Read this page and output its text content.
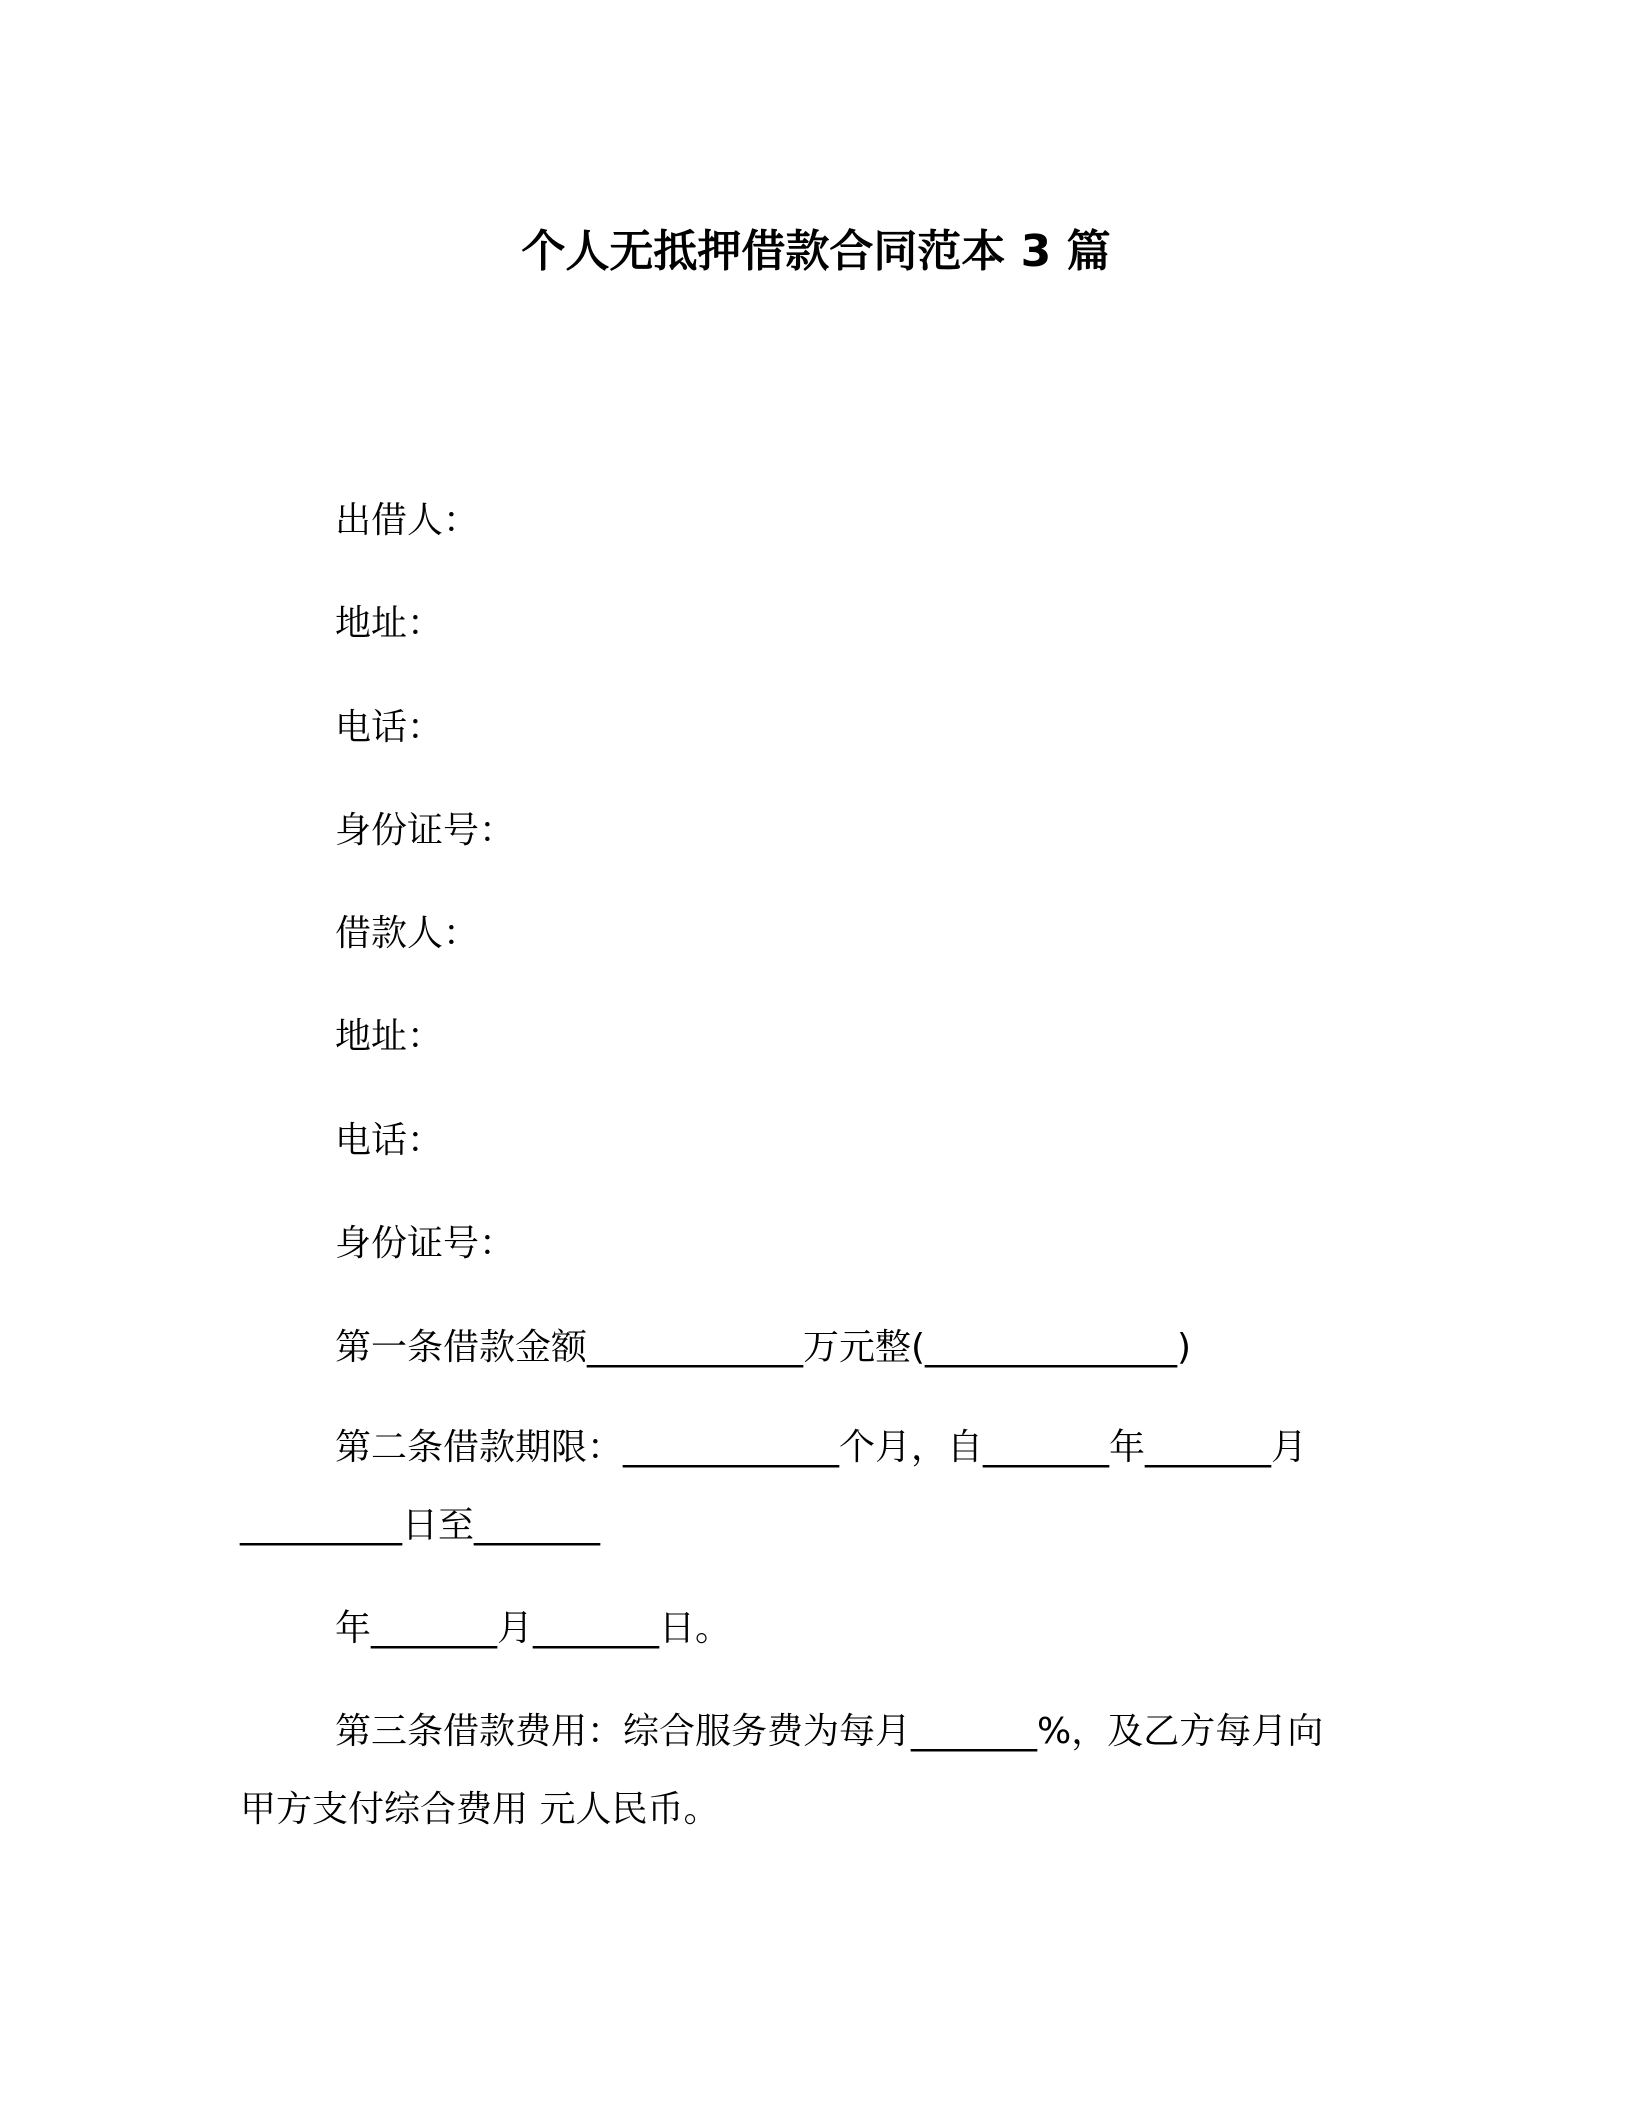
个人无抵押借款合同范本 3 篇
出借人：
地址：
电话：
身份证号：
借款人：
地址：
电话：
身份证号：
第一条借款金额____________万元整(______________)
第二条借款期限：____________个月，自_______年_______月
_________日至_______
年_______月_______日。
第三条借款费用：综合服务费为每月_______%，及乙方每月向
甲方支付综合费用 元人民币。
